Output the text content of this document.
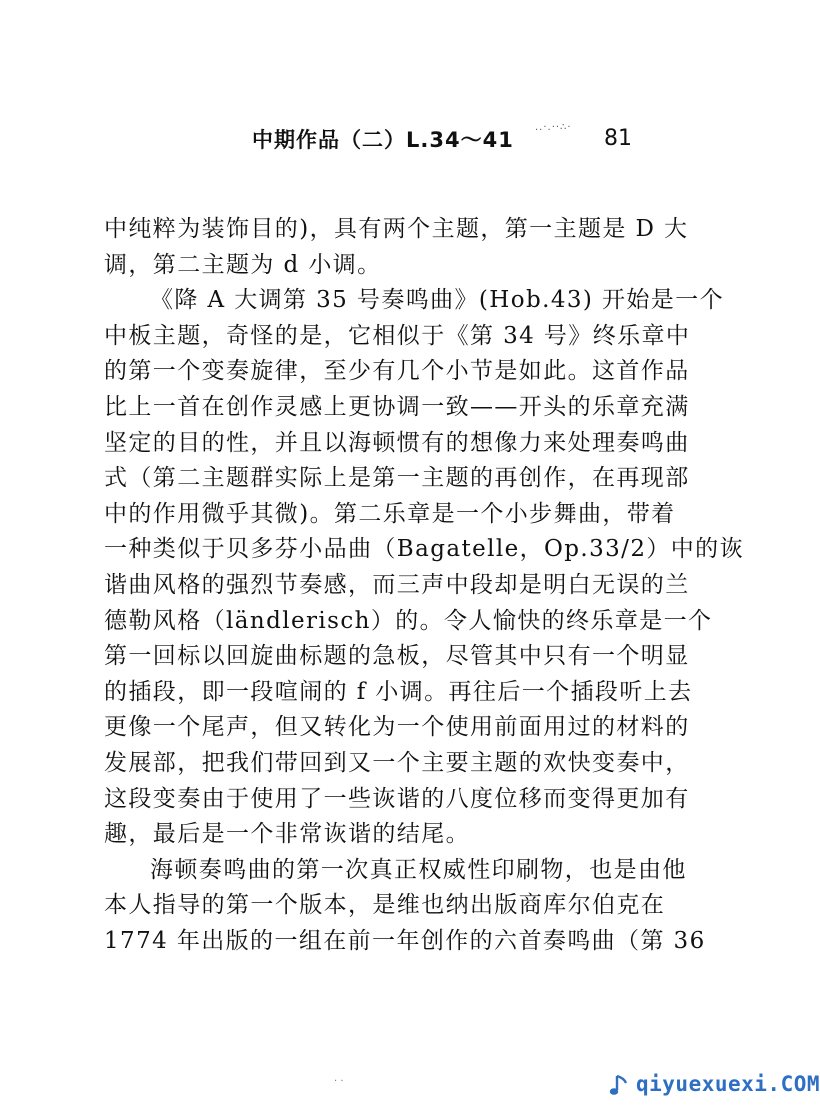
中期作品（二）L.34～41
..·.··∴· 81
中纯粹为装饰目的)，具有两个主题，第一主题是 D 大
调，第二主题为 d 小调。
《降 A 大调第 35 号奏鸣曲》(Hob.43) 开始是一个
中板主题，奇怪的是，它相似于《第 34 号》终乐章中
的第一个变奏旋律，至少有几个小节是如此。这首作品
比上一首在创作灵感上更协调一致——开头的乐章充满
坚定的目的性，并且以海顿惯有的想像力来处理奏鸣曲
式（第二主题群实际上是第一主题的再创作，在再现部
中的作用微乎其微)。第二乐章是一个小步舞曲，带着
一种类似于贝多芬小品曲（Bagatelle，Op.33/2）中的诙
谐曲风格的强烈节奏感，而三声中段却是明白无误的兰
德勒风格（ländlerisch）的。令人愉快的终乐章是一个
第一回标以回旋曲标题的急板，尽管其中只有一个明显
的插段，即一段喧闹的 f 小调。再往后一个插段听上去
更像一个尾声，但又转化为一个使用前面用过的材料的
发展部，把我们带回到又一个主要主题的欢快变奏中，
这段变奏由于使用了一些诙谐的八度位移而变得更加有
趣，最后是一个非常诙谐的结尾。
海顿奏鸣曲的第一次真正权威性印刷物，也是由他
本人指导的第一个版本，是维也纳出版商库尔伯克在
1774 年出版的一组在前一年创作的六首奏鸣曲（第 36
· ·	qiyuexuexi.COM
